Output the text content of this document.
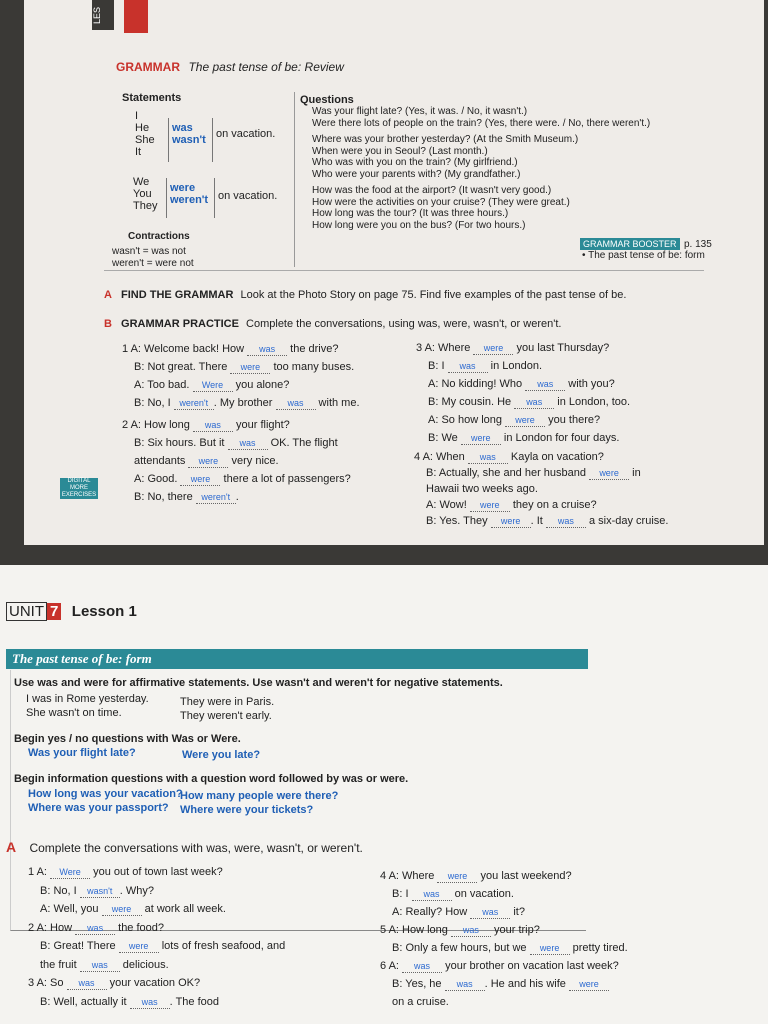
LES
GRAMMAR The past tense of be: Review
Statements
I
He
She
It
was
wasn't on vacation.
We
You
They
were
weren't on vacation.
Contractions
wasn't = was not
weren't = were not
Questions
Was your flight late? (Yes, it was. / No, it wasn't.)
Were there lots of people on the train? (Yes, there were. / No, there weren't.)
Where was your brother yesterday? (At the Smith Museum.)
When were you in Seoul? (Last month.)
Who was with you on the train? (My girlfriend.)
Who were your parents with? (My grandfather.)
How was the food at the airport? (It wasn't very good.)
How were the activities on your cruise? (They were great.)
How long was the tour? (It was three hours.)
How long were you on the bus? (For two hours.)
GRAMMAR BOOSTER p. 135
• The past tense of be: form
A FIND THE GRAMMAR Look at the Photo Story on page 75. Find five examples of the past tense of be.
B GRAMMAR PRACTICE Complete the conversations, using was, were, wasn't, or weren't.
DIGITAL MORE EXERCISES
1 A: Welcome back! How was the drive?
B: Not great. There were too many buses.
A: Too bad. Were you alone?
B: No, I weren't . My brother was with me.
2 A: How long was your flight?
B: Six hours. But it was OK. The flight
attendants were very nice.
A: Good. were there a lot of passengers?
B: No, there weren't .
3 A: Where were you last Thursday?
B: I was in London.
A: No kidding! Who was with you?
B: My cousin. He was in London, too.
A: So how long were you there?
B: We were in London for four days.
4 A: When was Kayla on vacation?
B: Actually, she and her husband were in
Hawaii two weeks ago.
A: Wow! were they on a cruise?
B: Yes. They were . It was a six-day cruise.
UNIT 7 Lesson 1
The past tense of be: form
Use was and were for affirmative statements. Use wasn't and weren't for negative statements.
I was in Rome yesterday.
She wasn't on time.
They were in Paris.
They weren't early.
Begin yes / no questions with Was or Were.
Was your flight late?	Were you late?
Begin information questions with a question word followed by was or were.
How long was your vacation?
Where was your passport?
How many people were there?
Where were your tickets?
A Complete the conversations with was, were, wasn't, or weren't.
1 A: Were you out of town last week?
B: No, I wasn't . Why?
A: Well, you were at work all week.
2 A: How was the food?
B: Great! There were lots of fresh seafood, and
the fruit was delicious.
3 A: So was your vacation OK?
B: Well, actually it was . The food
4 A: Where were you last weekend?
B: I was on vacation.
A: Really? How was it?
5 A: How long was your trip?
B: Only a few hours, but we were pretty tired.
6 A: was your brother on vacation last week?
B: Yes, he was . He and his wife were
on a cruise.
